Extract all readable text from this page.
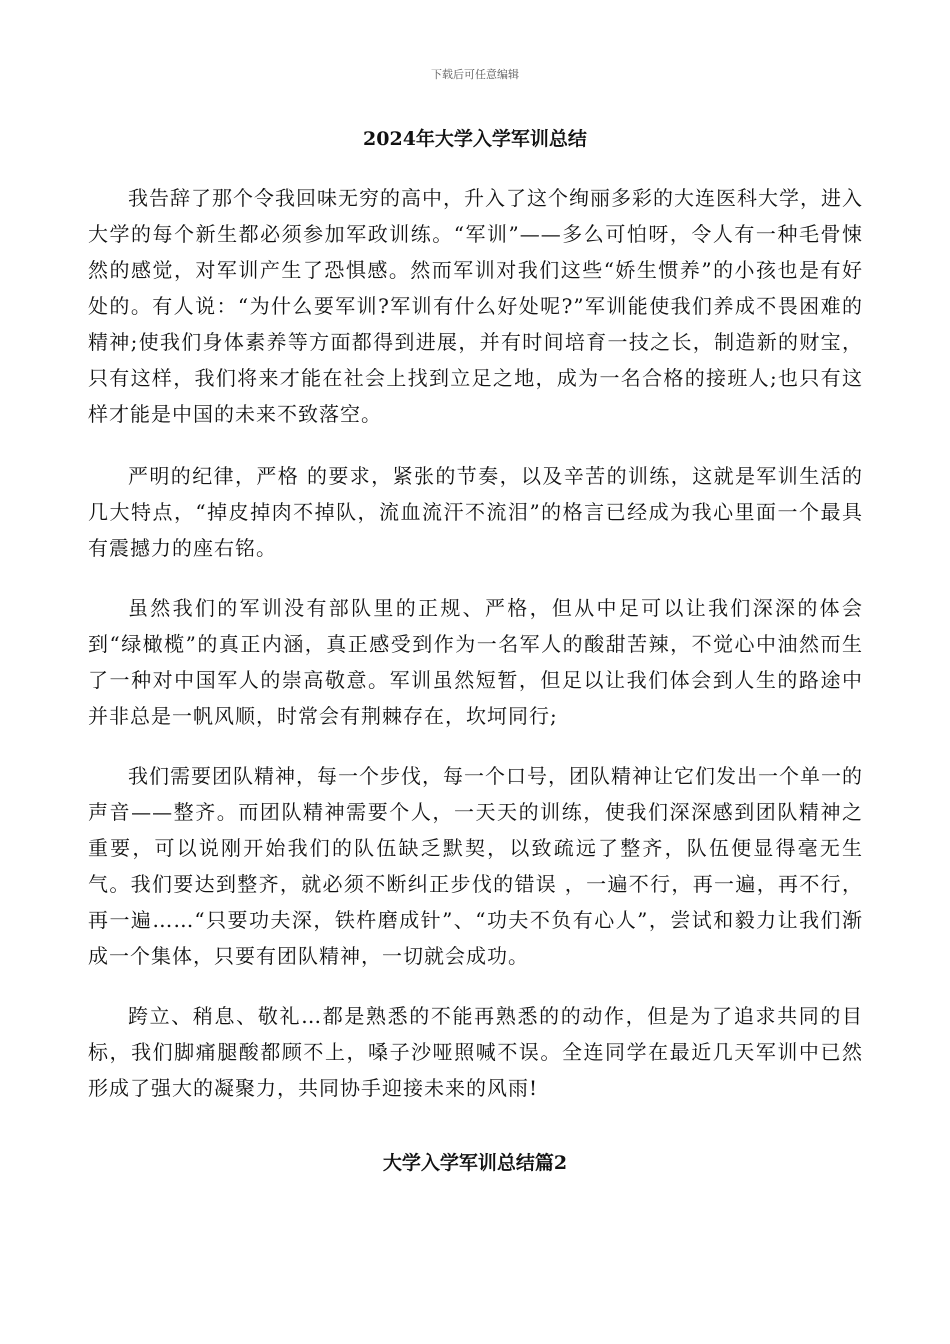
下载后可任意编辑
2024年大学入学军训总结

我告辞了那个令我回味无穷的高中，升入了这个绚丽多彩的大连医科大学，进入大学的每个新生都必须参加军政训练。“军训”——多么可怕呀，令人有一种毛骨悚然的感觉，对军训产生了恐惧感。然而军训对我们这些“娇生惯养”的小孩也是有好处的。有人说：“为什么要军训?军训有什么好处呢?”军训能使我们养成不畏困难的精神;使我们身体素养等方面都得到进展，并有时间培育一技之长，制造新的财宝，只有这样，我们将来才能在社会上找到立足之地，成为一名合格的接班人;也只有这样才能是中国的未来不致落空。

严明的纪律，严格 的要求，紧张的节奏，以及辛苦的训练，这就是军训生活的几大特点，“掉皮掉肉不掉队，流血流汗不流泪”的格言已经成为我心里面一个最具有震撼力的座右铭。

虽然我们的军训没有部队里的正规、严格，但从中足可以让我们深深的体会到“绿橄榄”的真正内涵，真正感受到作为一名军人的酸甜苦辣，不觉心中油然而生了一种对中国军人的崇高敬意。军训虽然短暂，但足以让我们体会到人生的路途中并非总是一帆风顺，时常会有荆棘存在，坎坷同行;

我们需要团队精神，每一个步伐，每一个口号，团队精神让它们发出一个单一的声音——整齐。而团队精神需要个人，一天天的训练，使我们深深感到团队精神之重要，可以说刚开始我们的队伍缺乏默契，以致疏远了整齐，队伍便显得毫无生气。我们要达到整齐，就必须不断纠正步伐的错误 ，一遍不行，再一遍，再不行，再一遍……“只要功夫深，铁杵磨成针”、“功夫不负有心人”，尝试和毅力让我们渐成一个集体，只要有团队精神，一切就会成功。

跨立、稍息、敬礼…都是熟悉的不能再熟悉的的动作，但是为了追求共同的目标，我们脚痛腿酸都顾不上，嗓子沙哑照喊不误。全连同学在最近几天军训中已然形成了强大的凝聚力，共同协手迎接未来的风雨!

大学入学军训总结篇2
